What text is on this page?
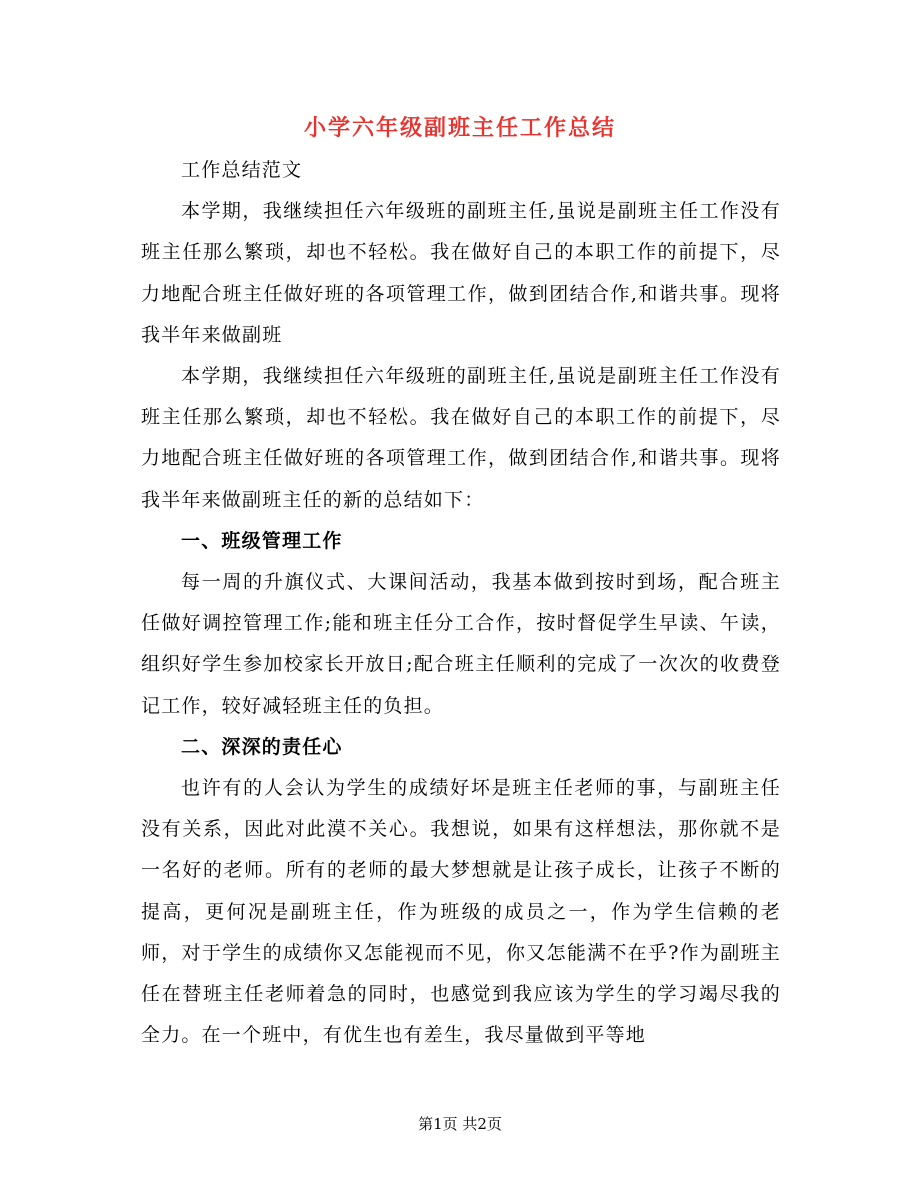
小学六年级副班主任工作总结

工作总结范文

本学期，我继续担任六年级班的副班主任,虽说是副班主任工作没有班主任那么繁琐，却也不轻松。我在做好自己的本职工作的前提下，尽力地配合班主任做好班的各项管理工作，做到团结合作,和谐共事。现将我半年来做副班

本学期，我继续担任六年级班的副班主任,虽说是副班主任工作没有班主任那么繁琐，却也不轻松。我在做好自己的本职工作的前提下，尽力地配合班主任做好班的各项管理工作，做到团结合作,和谐共事。现将我半年来做副班主任的新的总结如下：

一、班级管理工作

每一周的升旗仪式、大课间活动，我基本做到按时到场，配合班主任做好调控管理工作;能和班主任分工合作，按时督促学生早读、午读，组织好学生参加校家长开放日;配合班主任顺利的完成了一次次的收费登记工作，较好减轻班主任的负担。

二、深深的责任心

也许有的人会认为学生的成绩好坏是班主任老师的事，与副班主任没有关系，因此对此漠不关心。我想说，如果有这样想法，那你就不是一名好的老师。所有的老师的最大梦想就是让孩子成长，让孩子不断的提高，更何况是副班主任，作为班级的成员之一，作为学生信赖的老师，对于学生的成绩你又怎能视而不见，你又怎能满不在乎?作为副班主任在替班主任老师着急的同时，也感觉到我应该为学生的学习竭尽我的全力。在一个班中，有优生也有差生，我尽量做到平等地

第1页 共2页
